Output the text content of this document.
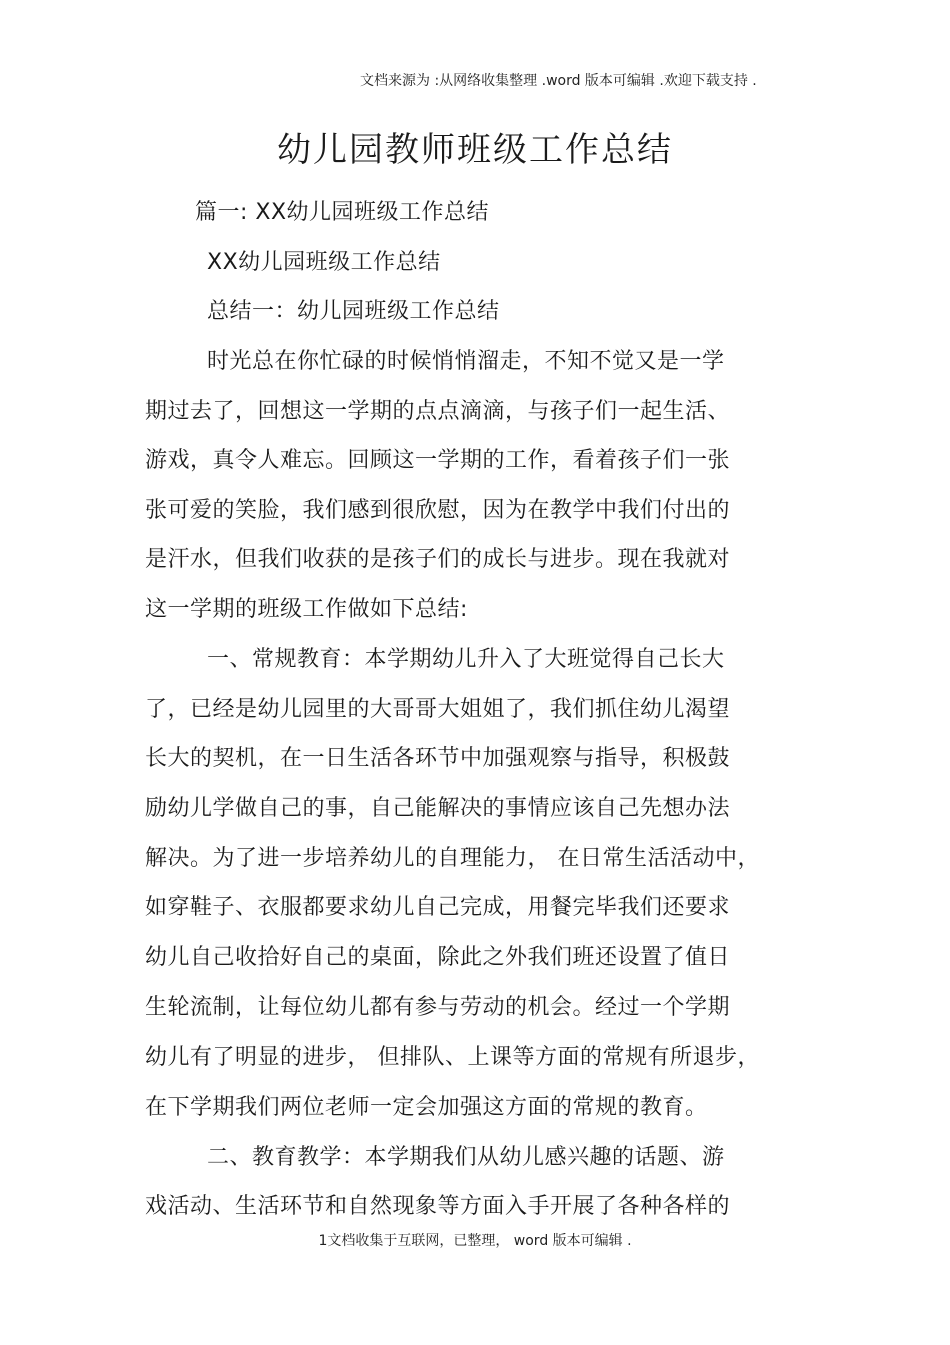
文档来源为 :从网络收集整理 .word 版本可编辑 .欢迎下载支持 .
幼儿园教师班级工作总结
篇一: XX幼儿园班级工作总结
XX幼儿园班级工作总结
总结一：幼儿园班级工作总结
时光总在你忙碌的时候悄悄溜走，不知不觉又是一学
期过去了，回想这一学期的点点滴滴，与孩子们一起生活、
游戏，真令人难忘。回顾这一学期的工作，看着孩子们一张
张可爱的笑脸，我们感到很欣慰，因为在教学中我们付出的
是汗水，但我们收获的是孩子们的成长与进步。现在我就对
这一学期的班级工作做如下总结:
一、常规教育：本学期幼儿升入了大班觉得自己长大
了，已经是幼儿园里的大哥哥大姐姐了，我们抓住幼儿渴望
长大的契机，在一日生活各环节中加强观察与指导，积极鼓
励幼儿学做自己的事，自己能解决的事情应该自己先想办法
解决。为了进一步培养幼儿的自理能力， 在日常生活活动中，
如穿鞋子、衣服都要求幼儿自己完成，用餐完毕我们还要求
幼儿自己收拾好自己的桌面，除此之外我们班还设置了值日
生轮流制，让每位幼儿都有参与劳动的机会。经过一个学期
幼儿有了明显的进步， 但排队、上课等方面的常规有所退步，
在下学期我们两位老师一定会加强这方面的常规的教育。
二、教育教学：本学期我们从幼儿感兴趣的话题、游
戏活动、生活环节和自然现象等方面入手开展了各种各样的
1文档收集于互联网，已整理， word 版本可编辑 .
